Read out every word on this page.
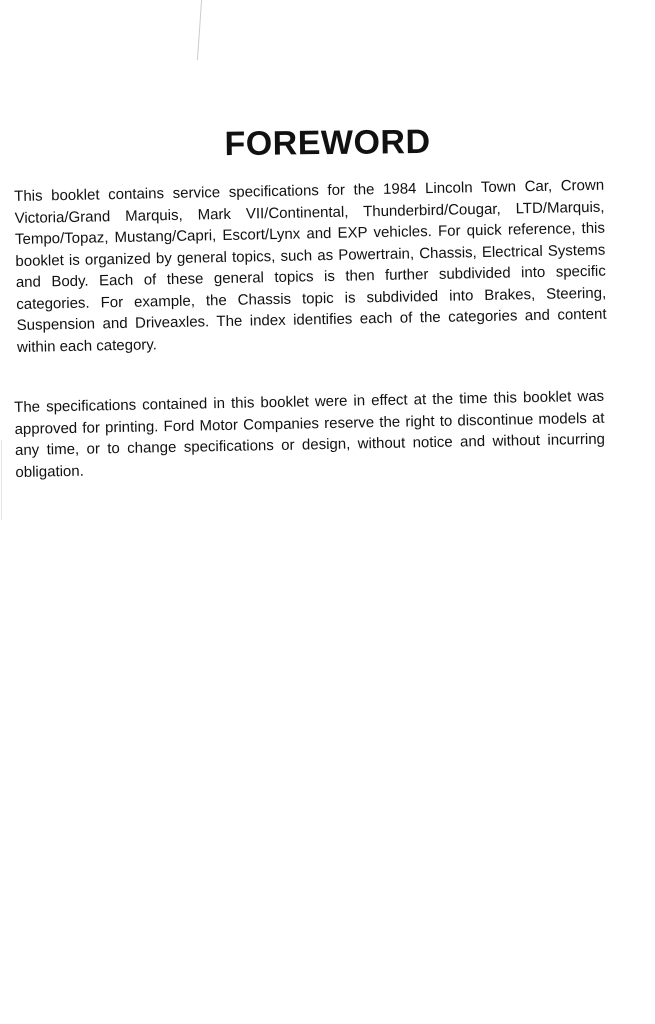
FOREWORD

This booklet contains service specifications for the 1984 Lincoln Town Car, Crown Victoria/Grand Marquis, Mark VII/Continental, Thunderbird/Cougar, LTD/Marquis, Tempo/Topaz, Mustang/Capri, Escort/Lynx and EXP vehicles. For quick reference, this booklet is organized by general topics, such as Powertrain, Chassis, Electrical Systems and Body. Each of these general topics is then further subdivided into specific categories. For example, the Chassis topic is subdivided into Brakes, Steering, Suspension and Driveaxles. The index identifies each of the categories and content within each category.

The specifications contained in this booklet were in effect at the time this booklet was approved for printing. Ford Motor Companies reserve the right to discontinue models at any time, or to change specifications or design, without notice and without incurring obligation.
